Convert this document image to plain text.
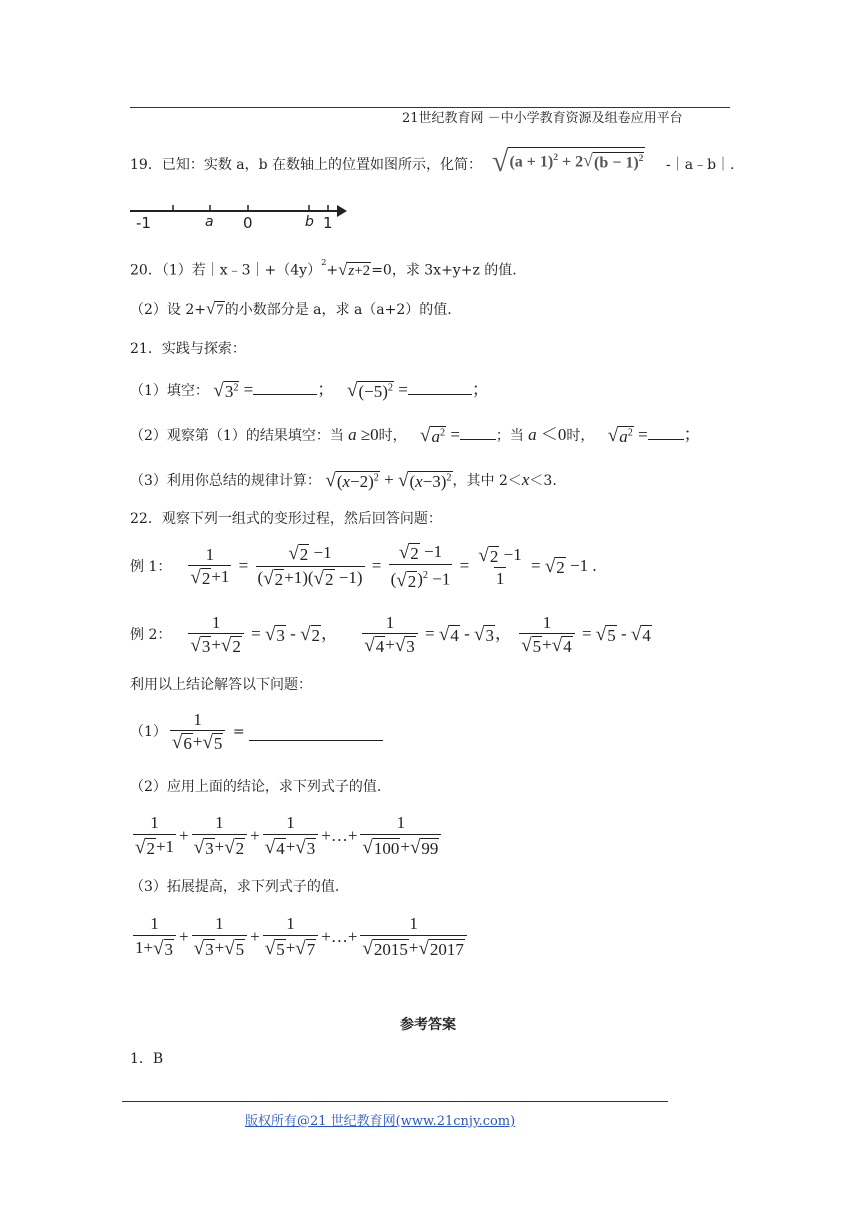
21世纪教育网 －中小学教育资源及组卷应用平台
19．已知：实数 a，b 在数轴上的位置如图所示，化简： √ $(a + 1)^2 + 2$ √ $(b - 1)^2$ -｜a﹣b｜.
-1	a 0	b 1
20．（1）若$|x﹣3|+(4y)^2+$ √ z+2 =0，求 3x+y+z 的值.
（2）设 2+ √ 7 的小数部分是 a，求 a（a+2）的值.
21．实践与探索：
（1）填空： √ $3^2$ =	； √ $(-5)^2$ =	；
（2）观察第（1）的结果填空：当 a ≥0时， √ $a^2$ =	；当 a ＜0时， √ $a^2$ = ；
（3）利用你总结的规律计算： √ $(x-2)^2$ + √ $(x-3)^2$ ，其中 2＜x＜3.
22．观察下列一组式的变形过程，然后回答问题：
例 1： $\frac{1}{√ 2 +1} = \frac{√ 2 -1}{( √ 2 +1)( √ 2 -1)} = \frac{√ 2 -1}{( √ 2 )^2 -1} = \frac{√ 2 -1}{1}$ = √ 2 −1 .
例 2： $\frac{1}{√ 3 + √ 2}$ = √ 3 - √ 2 ， $\frac{1}{√ 4 + √ 3}$ = √ 4 - √ 3 ， $\frac{1}{√ 5 + √ 4}$ = √ 5 - √ 4
利用以上结论解答以下问题：
$(1) \frac{1}{√ 6 + √ 5}$ =
（2）应用上面的结论，求下列式子的值.
$\frac{1}{√ 2 +1} + \frac{1}{√ 3 + √ 2} + \frac{1}{√ 4 + √ 3}$ +…+ $\frac{1}{√ 100 + √ 99}$
（3）拓展提高，求下列式子的值.
$\frac{1}{1+ √ 3} + \frac{1}{√ 3 + √ 5} + \frac{1}{√ 5 + √ 7}$ +…+ $\frac{1}{√ 2015 + √ 2017}$
参考答案
1．B
版权所有@21 世纪教育网(www.21cnjy.com)
